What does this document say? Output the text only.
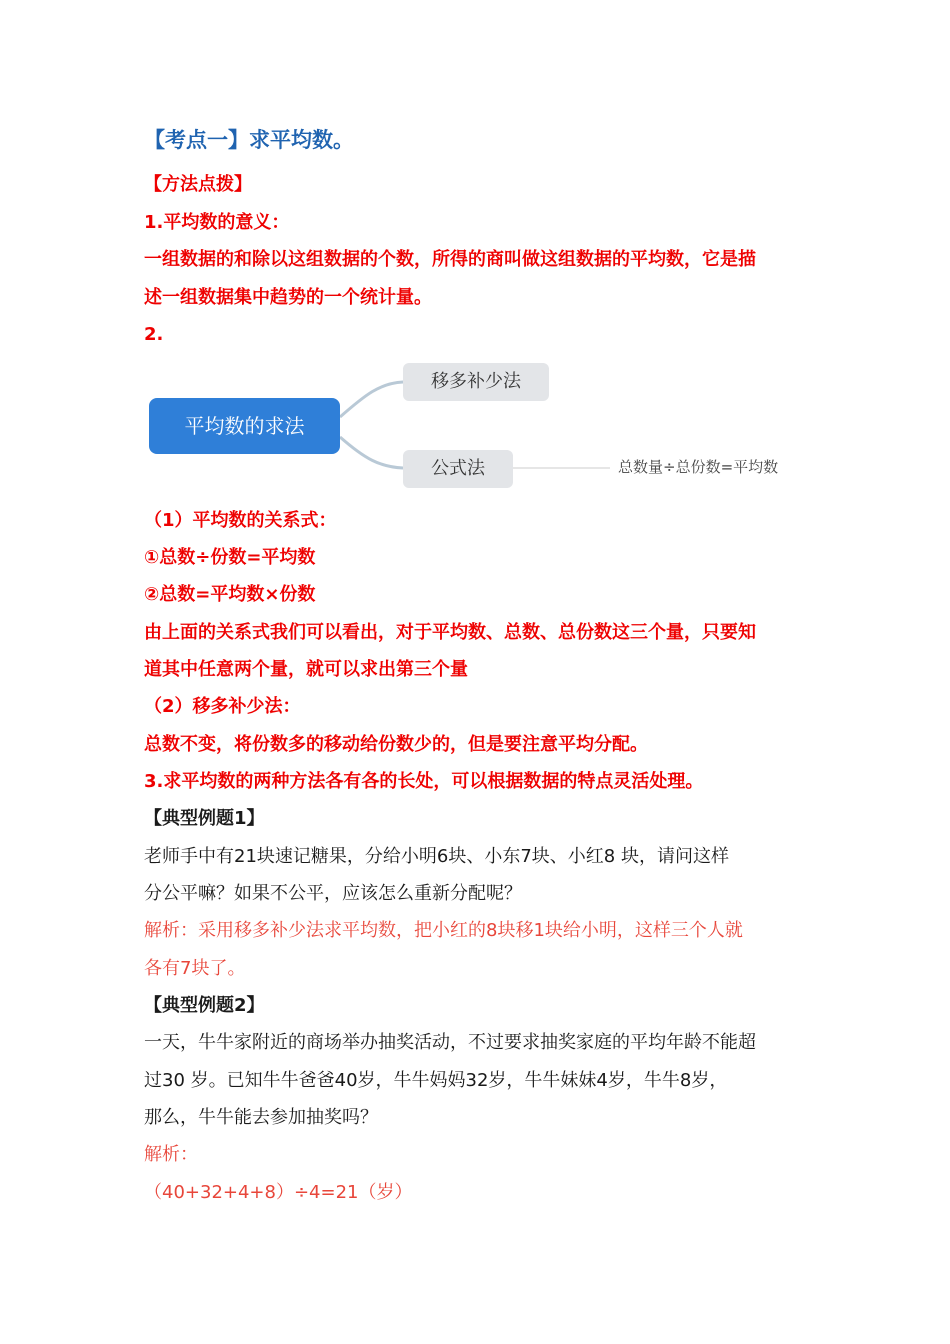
【考点一】求平均数。
【方法点拨】
1.平均数的意义：
一组数据的和除以这组数据的个数，所得的商叫做这组数据的平均数，它是描
述一组数据集中趋势的一个统计量。
2.
平均数的求法
移多补少法
公式法	总数量÷总份数=平均数
（1）平均数的关系式：
①总数÷份数=平均数
②总数=平均数×份数
由上面的关系式我们可以看出，对于平均数、总数、总份数这三个量，只要知
道其中任意两个量，就可以求出第三个量
（2）移多补少法：
总数不变，将份数多的移动给份数少的，但是要注意平均分配。
3.求平均数的两种方法各有各的长处，可以根据数据的特点灵活处理。
【典型例题1】
老师手中有21块速记糖果，分给小明6块、小东7块、小红8 块，请问这样
分公平嘛？如果不公平，应该怎么重新分配呢？
解析：采用移多补少法求平均数，把小红的8块移1块给小明，这样三个人就
各有7块了。
【典型例题2】
一天，牛牛家附近的商场举办抽奖活动，不过要求抽奖家庭的平均年龄不能超
过30 岁。已知牛牛爸爸40岁，牛牛妈妈32岁，牛牛妹妹4岁，牛牛8岁，
那么，牛牛能去参加抽奖吗？
解析：
（40+32+4+8）÷4=21（岁）
